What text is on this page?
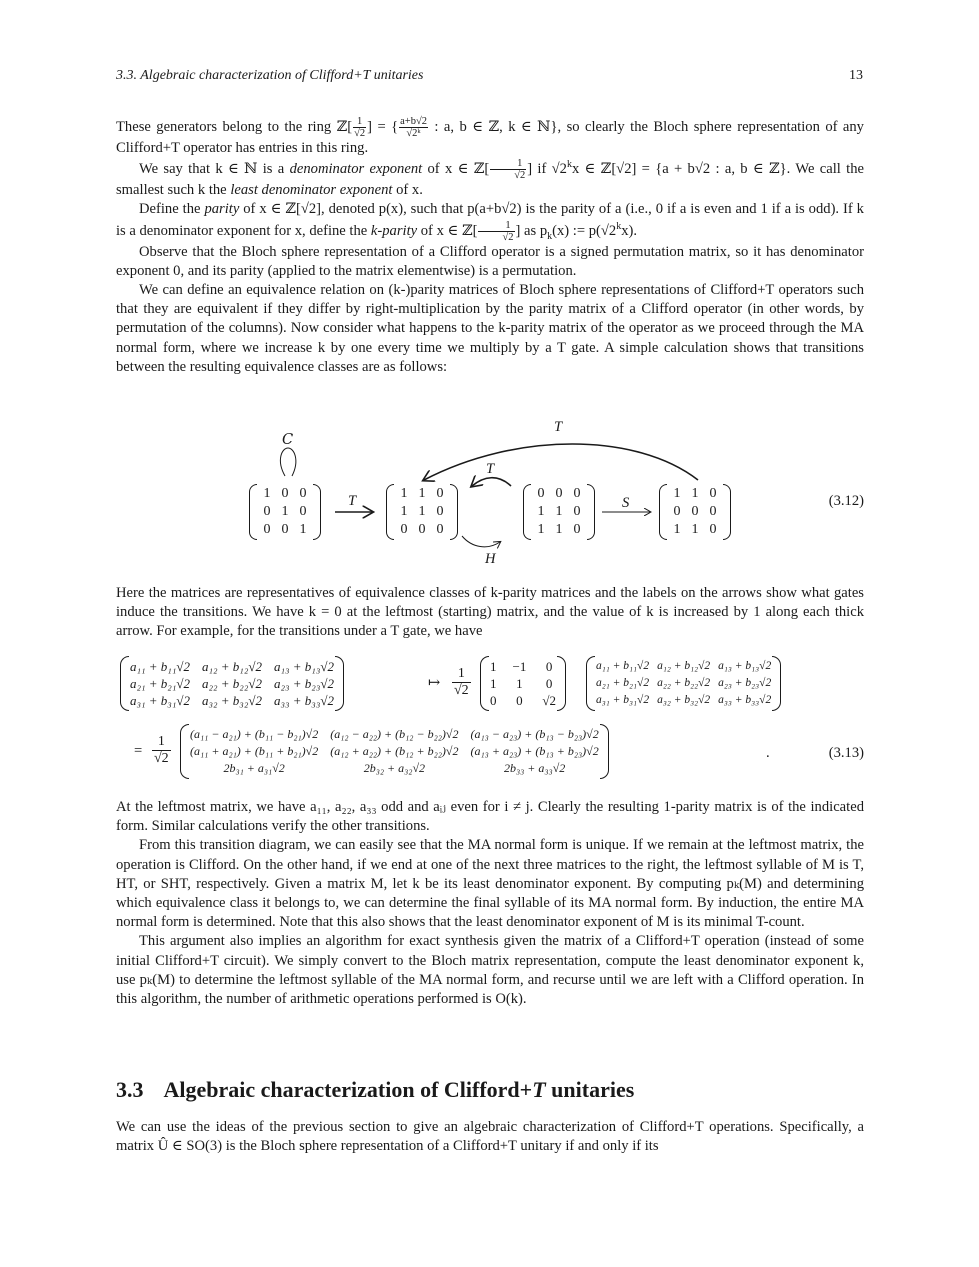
3.3. Algebraic characterization of Clifford+T unitaries	13

These generators belong to the ring ℤ[ $\frac{1}{√2}$ ] = { $\frac{a+b√2}{\text{√2ᵏ}}$ : a, b ∈ ℤ, k ∈ ℕ}, so clearly the Bloch sphere representation of any Clifford+T operator has entries in this ring.

We say that k ∈ ℕ is a denominator exponent of x ∈ ℤ[ $\frac{1}{√2}$ ] if √2$^k$x ∈ ℤ[√2] = {a + b√2 : a, b ∈ ℤ}. We call the smallest such k the least denominator exponent of x.

Define the parity of x ∈ ℤ[√2], denoted p(x), such that p(a+b√2) is the parity of a (i.e., 0 if a is even and 1 if a is odd). If k is a denominator exponent for x, define the k-parity of x ∈ ℤ[ $\frac{1}{√2}$ ] as $p_k(x)$ := $p(√2^kx)$.

Observe that the Bloch sphere representation of a Clifford operator is a signed permutation matrix, so it has denominator exponent 0, and its parity (applied to the matrix elementwise) is a permutation.

We can define an equivalence relation on (k-)parity matrices of Bloch sphere representations of Clifford+T operators such that they are equivalent if they differ by right-multiplication by the parity matrix of a Clifford operator (in other words, by permutation of the columns). Now consider what happens to the k-parity matrix of the operator as we proceed through the MA normal form, where we increase k by one every time we multiply by a T gate. A simple calculation shows that transitions between the resulting equivalence classes are as follows:

C
T
T
T
H
S
1 0 0
0 1 0
0 0 1
1 1 0
1 1 0
0 0 0
0 0 0
1 1 0
1 1 0
1 1 0
0 0 0
1 1 0
(3.12)

Here the matrices are representatives of equivalence classes of k-parity matrices and the labels on the arrows show what gates induce the transitions. We have k = 0 at the leftmost (starting) matrix, and the value of k is increased by 1 along each thick arrow. For example, for the transitions under a T gate, we have

a₁₁ + b₁₁√2 a₁₂ + b₁₂√2 a₁₃ + b₁₃√2
a₂₁ + b₂₁√2 a₂₂ + b₂₂√2 a₂₃ + b₂₃√2
a₃₁ + b₃₁√2 a₃₂ + b₃₂√2 a₃₃ + b₃₃√2
↦ $\frac{1}{√2} 1 -1$ 0
1 1 0
0 0 √2
a₁₁ + b₁₁√2 a₁₂ + b₁₂√2 a₁₃ + b₁₃√2
a₂₁ + b₂₁√2 a₂₂ + b₂₂√2 a₂₃ + b₂₃√2
a₃₁ + b₃₁√2 a₃₂ + b₃₂√2 a₃₃ + b₃₃√2
= $\frac{1}{√2} (a_{11} - a_{21}) + (b_{11} - b_{21})√2$ (a₁₂ − a₂₂) + (b₁₂ − b₂₂)√2 (a₁₃ − a₂₃) + (b₁₃ − b₂₃)√2
(a₁₁ + a₂₁) + (b₁₁ + b₂₁)√2 (a₁₂ + a₂₂) + (b₁₂ + b₂₂)√2 (a₁₃ + a₂₃) + (b₁₃ + b₂₃)√2
2b₃₁ + a₃₁√2	2b₃₂ + a₃₂√2	2b₃₃ + a₃₃√2
.	(3.13)

At the leftmost matrix, we have a₁₁, a₂₂, a₃₃ odd and aᵢⱼ even for i ≠ j. Clearly the resulting 1-parity matrix is of the indicated form. Similar calculations verify the other transitions.

From this transition diagram, we can easily see that the MA normal form is unique. If we remain at the leftmost matrix, the operation is Clifford. On the other hand, if we end at one of the next three matrices to the right, the leftmost syllable of M is T, HT, or SHT, respectively. Given a matrix M, let k be its least denominator exponent. By computing pₖ(M) and determining which equivalence class it belongs to, we can determine the final syllable of its MA normal form. By induction, the entire MA normal form is determined. Note that this also shows that the least denominator exponent of M is its minimal T-count.

This argument also implies an algorithm for exact synthesis given the matrix of a Clifford+T operation (instead of some initial Clifford+T circuit). We simply convert to the Bloch matrix representation, compute the least denominator exponent k, use pₖ(M) to determine the leftmost syllable of the MA normal form, and recurse until we are left with a Clifford operation. In this algorithm, the number of arithmetic operations performed is O(k).

3.3 Algebraic characterization of Clifford+T unitaries

We can use the ideas of the previous section to give an algebraic characterization of Clifford+T operations. Specifically, a matrix Û ∈ SO(3) is the Bloch sphere representation of a Clifford+T unitary if and only if its
